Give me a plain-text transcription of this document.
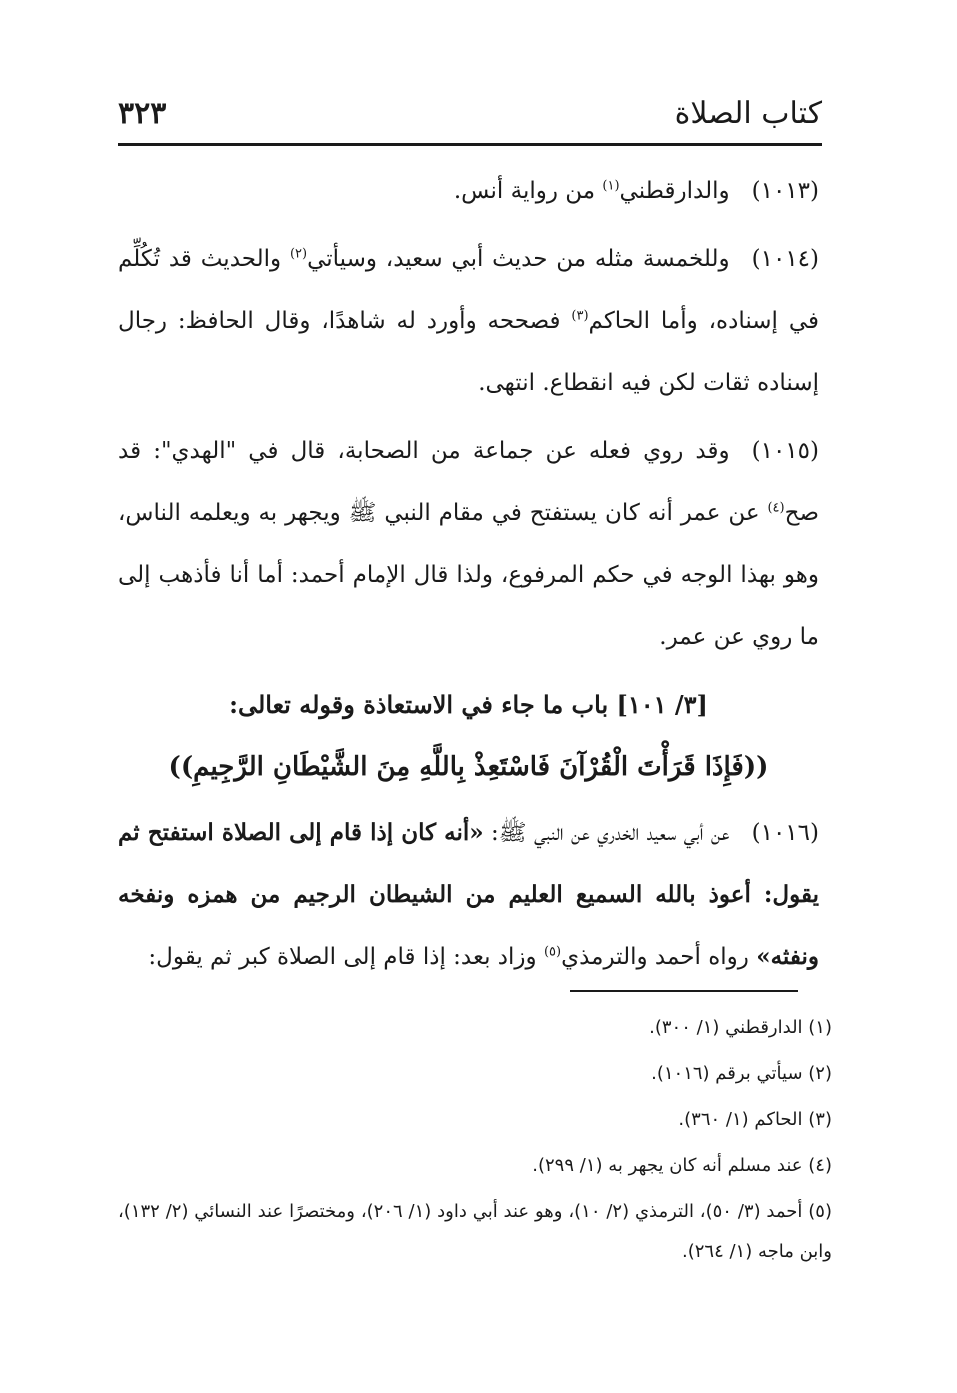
كتاب الصلاة
٣٢٣

(١٠١٣)والدارقطني$^{(١)}$ من رواية أنس.

(١٠١٤)وللخمسة مثله من حديث أبي سعيد، وسيأتي$^{(٢)}$ والحديث قد تُكُلِّم في إسناده، وأما الحاكم$^{(٣)}$ فصححه وأورد له شاهدًا، وقال الحافظ: رجال إسناده ثقات لكن فيه انقطاع. انتهى.

(١٠١٥)وقد روي فعله عن جماعة من الصحابة، قال في "الهدي": قد صح$^{(٤)}$ عن عمر أنه كان يستفتح في مقام النبي ﷺ ويجهر به ويعلمه الناس، وهو بهذا الوجه في حكم المرفوع، ولذا قال الإمام أحمد: أما أنا فأذهب إلى ما روي عن عمر.

[٣/ ١٠١] باب ما جاء في الاستعاذة وقوله تعالى:

((فَإِذَا قَرَأْتَ الْقُرْآنَ فَاسْتَعِذْ بِاللَّهِ مِنَ الشَّيْطَانِ الرَّجِيمِ))

(١٠١٦)عن أبي سعيد الخدري عن النبي ﷺ: «أنه كان إذا قام إلى الصلاة استفتح ثم يقول: أعوذ بالله السميع العليم من الشيطان الرجيم من همزه ونفخه ونفثه» رواه أحمد والترمذي$^{(٥)}$ وزاد بعد: إذا قام إلى الصلاة كبر ثم يقول:

(١) الدارقطني (١/ ٣٠٠).

(٢) سيأتي برقم (١٠١٦).

(٣) الحاكم (١/ ٣٦٠).

(٤) عند مسلم أنه كان يجهر به (١/ ٢٩٩).

(٥) أحمد (٣/ ٥٠)، الترمذي (٢/ ١٠)، وهو عند أبي داود (١/ ٢٠٦)، ومختصرًا عند النسائي (٢/ ١٣٢)، وابن ماجه (١/ ٢٦٤).
